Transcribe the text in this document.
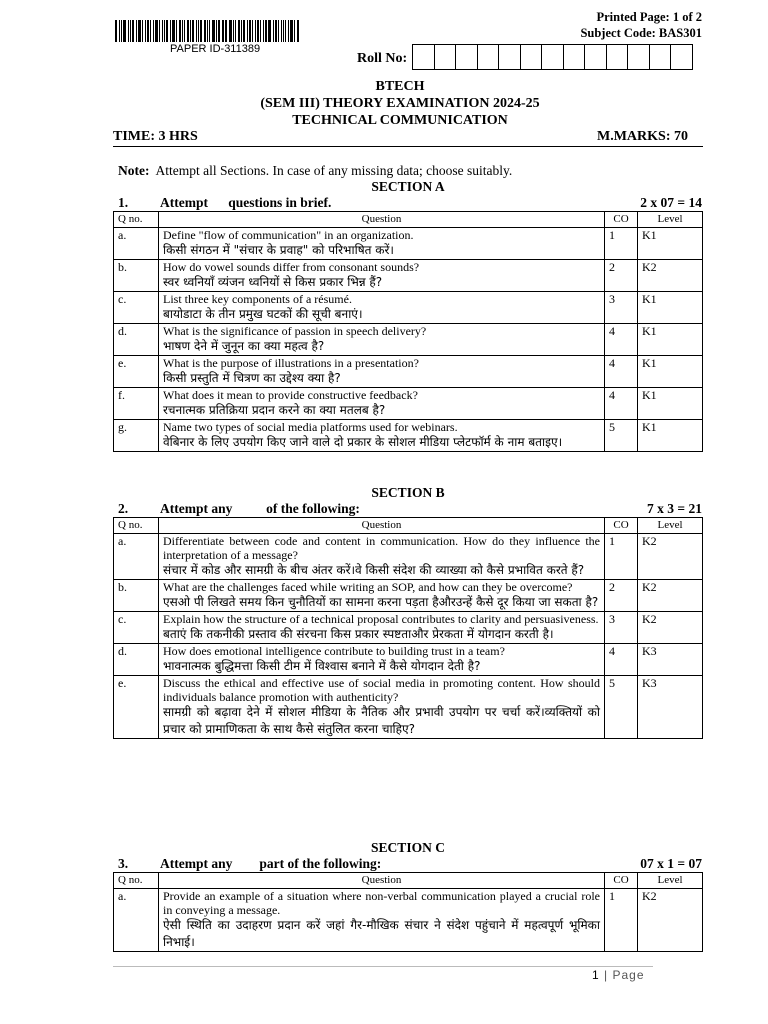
PAPER ID-311389
Printed Page: 1 of 2
Subject Code: BAS301
Roll No:
BTECH
(SEM III) THEORY EXAMINATION 2024-25
TECHNICAL COMMUNICATION
TIME: 3 HRS	M.MARKS: 70
Note: Attempt all Sections. In case of any missing data; choose suitably.
SECTION A
1. Attempt      questions in brief.	2 x 07 = 14
Q no.	Question	CO	Level
a.	Define "flow of communication" in an organization.
किसी संगठन में "संचार के प्रवाह" को परिभाषित करें।	1	K1
b.	How do vowel sounds differ from consonant sounds?
स्वर ध्वनियाँ व्यंजन ध्वनियों से किस प्रकार भिन्न हैं?	2	K2
c.	List three key components of a résumé.
बायोडाटा के तीन प्रमुख घटकों की सूची बनाएं।	3	K1
d.	What is the significance of passion in speech delivery?
भाषण देने में जुनून का क्या महत्व है?	4	K1
e.	What is the purpose of illustrations in a presentation?
किसी प्रस्तुति में चित्रण का उद्देश्य क्या है?	4	K1
f.	What does it mean to provide constructive feedback?
रचनात्मक प्रतिक्रिया प्रदान करने का क्या मतलब है?	4	K1
g.	Name two types of social media platforms used for webinars.
वेबिनार के लिए उपयोग किए जाने वाले दो प्रकार के सोशल मीडिया प्लेटफॉर्म के नाम बताइए।	5	K1
SECTION B
2. Attempt any          of the following:	7 x 3 = 21
Q no.	Question	CO	Level
a.	Differentiate between code and content in communication. How do they influence the interpretation of a message?
संचार में कोड और सामग्री के बीच अंतर करें।वे किसी संदेश की व्याख्या को कैसे प्रभावित करते हैं?	1	K2
b.	What are the challenges faced while writing an SOP, and how can they be overcome?
एसओ पी लिखते समय किन चुनौतियों का सामना करना पड़ता हैऔरउन्हें कैसे दूर किया जा सकता है?	2	K2
c.	Explain how the structure of a technical proposal contributes to clarity and persuasiveness.
बताएं कि तकनीकी प्रस्ताव की संरचना किस प्रकार स्पष्टताऔर प्रेरकता में योगदान करती है।	3	K2
d.	How does emotional intelligence contribute to building trust in a team?
भावनात्मक बुद्धिमत्ता किसी टीम में विश्वास बनाने में कैसे योगदान देती है?	4	K3
e.	Discuss the ethical and effective use of social media in promoting content. How should individuals balance promotion with authenticity?
सामग्री को बढ़ावा देने में सोशल मीडिया के नैतिक और प्रभावी उपयोग पर चर्चा करें।व्यक्तियों को प्रचार को प्रामाणिकता के साथ कैसे संतुलित करना चाहिए?	5	K3
SECTION C
3. Attempt any        part of the following:	07 x 1 = 07
Q no.	Question	CO	Level
a.	Provide an example of a situation where non-verbal communication played a crucial role in conveying a message.
ऐसी स्थिति का उदाहरण प्रदान करें जहां गैर-मौखिक संचार ने संदेश पहुंचाने में महत्वपूर्ण भूमिका निभाई।	1	K2
1 | Page
